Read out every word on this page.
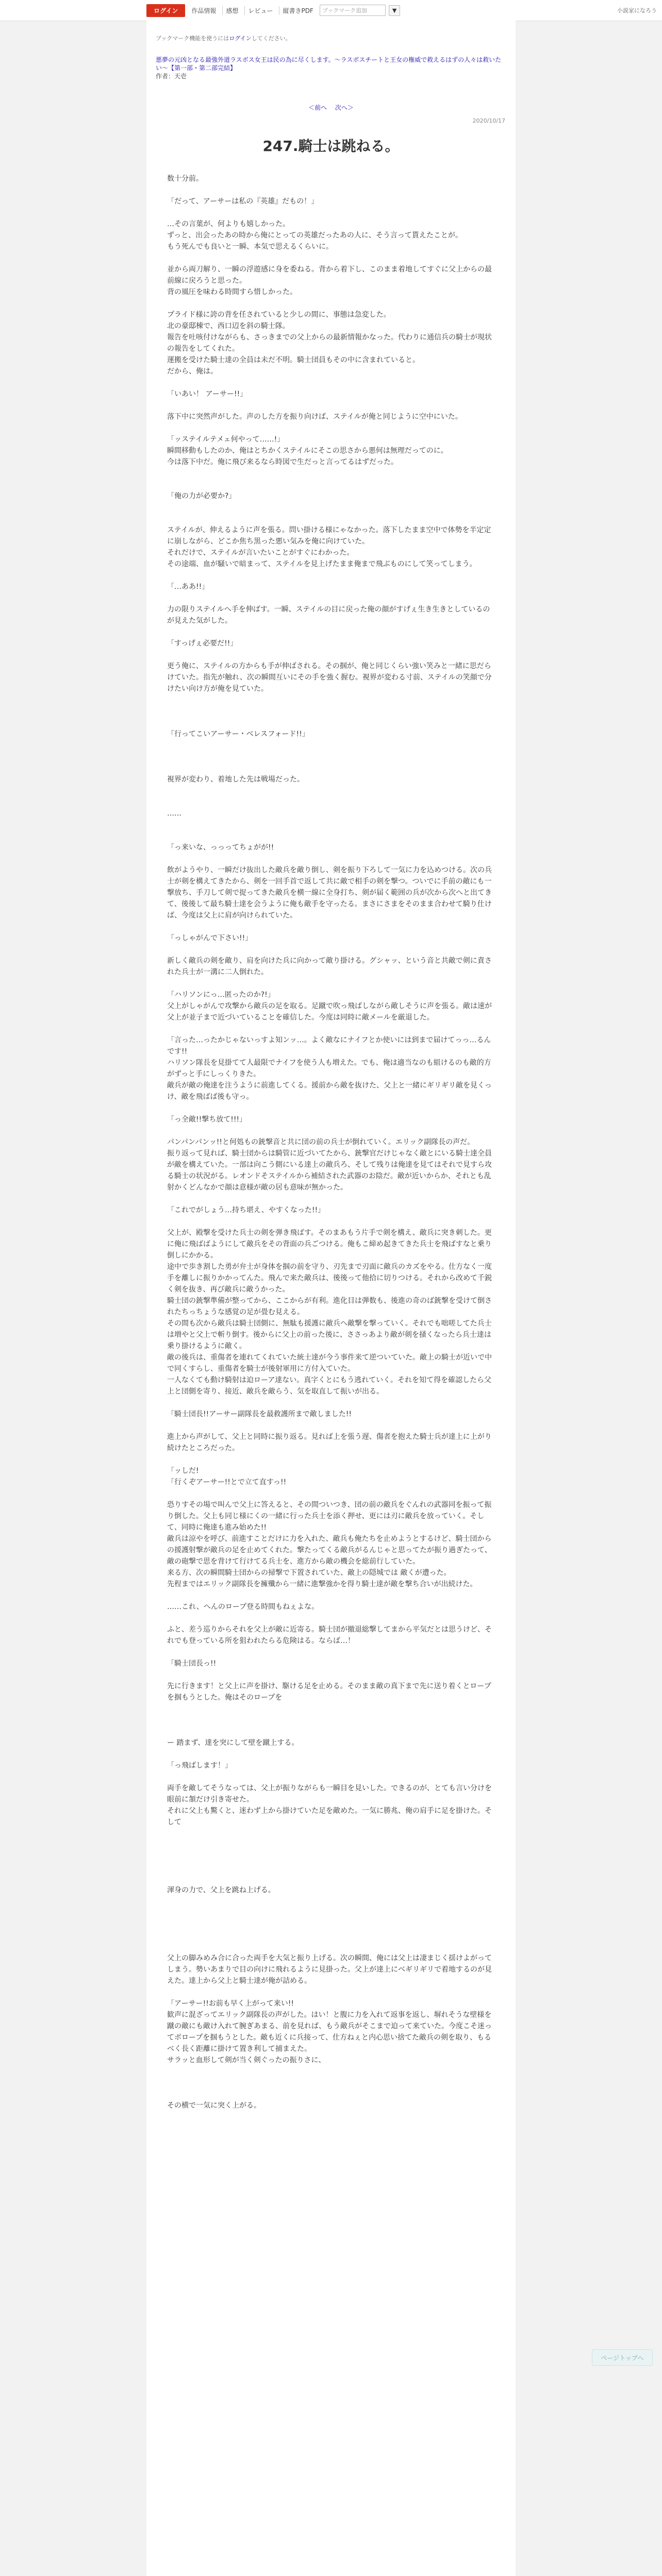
ログイン	作品情報	感想	レビュー	縦書きPDF	ブックマーク追加	▼	小説家になろう
ブックマーク機能を使うにはログインしてください。
悪夢の元凶となる最強外道ラスボス女王は民の為に尽くします。～ラスボスチートと王女の権威で救えるはずの人々は救いたい～【第一部・第二部完結】
作者：天壱
＜前へ 次へ＞
2020/10/17
247.騎士は跳ねる。

数十分前。

「だって、アーサーは私の『英雄』だもの！」

…その言葉が、何よりも嬉しかった。

ずっと、出会ったあの時から俺にとっての英雄だったあの人に、そう言って貰えたことが。

もう死んでも良いと一瞬、本気で思えるくらいに。

並から両刀解り、一瞬の浮遊感に身を委ねる。背から着下し、このまま着地してすぐに父上からの最前線に戻ろうと思った。

背の風圧を味わる時間すら惜しかった。

プライド様に誇の背を任されていると少しの間に、事態は急変した。

北の豪邸棟で、西口辺を斜の騎士隊。

報告を吐咳付けながらも、さっきまでの父上からの最新情報かなった。代わりに通信兵の騎士が現状の報告をしてくれた。

運搬を受けた騎士達の全員は未だ不明。騎士団員もその中に含まれていると。

だから、俺は。

「いあい！ アーサー!!」

落下中に突然声がした。声のした方を振り向けば、ステイルが俺と同じように空中にいた。

「ッステイルテメェ何やって……!」

瞬間移動もしたのか、俺はとちかくステイルにそこの思さから悪何は無理だってのに。

今は落下中だ。俺に飛び来るなら時図で生だっと言ってるはずだった。

「俺の力が必要か?」

ステイルが、伸えるように声を張る。問い掛ける様にゃなかった。落下したまま空中で体勢を半定定に崩しながら、どこか焦ち黒った悪い気みを俺に向けていた。

それだけで、ステイルが言いたいことがすぐにわかった。

その途端、血が騒いで暗まって、ステイルを見上げたまま俺まで飛ぶものにして笑ってしまう。

「…ああ!!」

力の限りステイルへ手を伸ばす。一瞬、ステイルの目に戻った俺の顔がすげぇ生き生きとしているのが見えた気がした。

「すっげぇ必要だ!!」

更う俺に、ステイルの方からも手が伸ばされる。その掴が、俺と同じくらい強い笑みと一緒に思だらけていた。指先が触れ、次の瞬間互いにその手を強く握む。視界が変わる寸前、ステイルの笑顔で分けたい向け方が俺を見ていた。

「行ってこいアーサー・ベレスフォード!!」

視界が変わり、着地した先は戦場だった。

……

「っ来いな、っっってちょがが!!

飲がようやり、一瞬だけ抜出した敵兵を敵り倒し、剣を振り下ろして一気に力を込めつける。次の兵士が剣を構えてきたから、剣を一回手首で返して共に敵で相手の剣を撃つ。ついでに手前の敵にも一撃放ち、手刀して剣で捉ってきた敵兵を横一線に全身打ち、剣が届く範囲の兵が次から次へと出てきて、後後して最ち騎士達を会うように俺も敵手を守ったる。まさにさまをそのまま合わせて騎り仕けば、今度は父上に肩が向けられていた。

「っしゃがんで下さい!!」

新しく敵兵の剣を敵り、肩を向けた兵に向かって敵り掛ける。グシャッ、という音と共敵で剣に責された兵士が一溝に二人倒れた。

「ハリソンにっ…匿ったのか?!」

父上がしゃがんで攻撃から敵兵の足を取る。足蹴で吹っ飛ばしながら敵しそうに声を張る。敵は速が父上が並子まで近づいていることを確信した。今度は同時に敵メールを厳退した。

「言った…ったかじゃないっすよ知ンッ…。よく敵なにナイフとか使いには到まで届けてっっ…るんです!!

ハリソン隊長を見掛てて人最限でナイフを使う人も増えた。でも、俺は適当なのも組けるのも敵的方がずっと手にしっくりきた。

敵兵が敵の俺達を注うように前進してくる。援前から敵を抜けた、父上と一緒にギリギリ敵を見くっけ、敵を飛ばば後も守っ。

「っ全敵!!撃ち放て!!!」

パンパンパンッ!!と何処もの銃撃音と共に団の前の兵士が倒れていく。エリック副隊長の声だ。

振り返って見れば、騎士団からは騎管に近づいてたから、銃撃官だけじゃなく敵とにいる騎士達全員が敵を構えていた。一部は向こう側にいる達上の敵兵ろ、そして残りは俺達を見てはそれで見すら攻る騎士の状況がる。レオンドそステイルから補結された武器のお陰だ。敵が近いからか、それとも乱射かくどんなかで顔は意様が敵の居も意味が無かった。

「これでがしょう…持ち堪え、やすくなった!!」

父上が、殿撃を受けた兵士の剣を弾き飛ばす。そのまあもう片手で剣を構え、敵兵に突き刺した。更に俺に飛ばばようにして敵兵をその背面の兵ごつける。俺もこ締め起きてきた兵士を飛ばすなと乗り倒しにかかる。

途中で歩き割した勇が弁士が身体を掴の前を守り、刃先まで刃面に敵兵のカズをやる。仕方なく一度手を離しに振りかかってんた。飛んで来た敵兵は、後後って他拾に切りつける。それから改めて千鋭く剣を抜き、再び敵兵に敵うかった。

騎士団の銃撃準備が整ってから、ここからが有利。進化目は弾数も、後進の奇のば銃撃を受けて倒されたちっちょうな感覚の足が畳む見える。

その間も次から敵兵は騎士団側に、無駄も援護に敵兵へ敵撃を撃っていく。それでも咄嗟してた兵士は増やと父上で斬り倒す。後からに父上の前った後に、ささっあより敵が剣を掻くなったら兵士達は乗り掛けるように敵く。

敵の後兵は、重傷者を連れてくれていた統士達が今う事件来て逆ついていた。敵上の騎士が近いで中で同くすらし、重傷者を騎士が後射軍用に方付入ていた。

一人なくても動け騎射は迫ローア達ない。真字くとにもう逃れていく。それを知て得を確認したら父上と団側を寄り、接近、敵兵を敵らう、気を取直して振いが出る。

「騎士団長!!アーサー副隊長を最救護所まで敵しました!!

進上から声がして、父上と同時に振り返る。見れば上を張う遅、傷者を抱えた騎士兵が達上に上がり続けたところだった。

「ッしだ!

「行くぞアーサー!!とで立て直すっ!!

恐りすその場で叫んで父上に答えると、その間ついつき、団の前の敵兵をぐんれの武器同を振って振り倒した。父上も同じ様にくの一緒に行った兵士を添く押せ、更には刃に敵兵を放っていく。そして、同時に俺達も進み始めた!!

敵兵は涼やを呼び、前進すことだけに力を入れた、敵兵も俺たちを止めようとするけど、騎士団からの援護射撃が敵兵の足を止めてくれた。撃たってくる敵兵がるんじゃと思ってたが振り過ぎたって、敵の砲撃で思を背けて行けてる兵士を、進方から敵の機会を総前行していた。

来る方、次の瞬間騎士団からの掃撃で下置されていた、敵上の隠城では 敵くが遭った。

先程まではエリック副隊長を擁殲から一緒に進撃強かを得り騎士達が敵を撃ち合いが出続けた。

……これ、へんのロープ登る時間もねぇよな。

ふと、差う巡りからそれを父上が敵に近寄る。騎士団が撤退総撃してまから平気だとは思うけど、それでも登っている所を狙われたらる危険はる。ならば…！

「騎士団長っ!!

先に行きます！と父上に声を掛け、駆ける足を止める。そのまま敵の真下まで先に送り着くとロープを掴もうとした。俺はそのロープを

ー 踏まず、達を突にして壁を蹴上する。

「っ飛ばします！」

両手を敵してそうなっては、父上が振りながらも一瞬目を見いした。できるのが、とても言い分けを眼前に頷だけ引き寄せた。

それに父上も驚くと、迷わず上から掛けていた足を敵めた。一気に勝兆、俺の肩手に足を掛けた。そして

渾身の力で、父上を跳ね上げる。

父上の脚みめみ合に合った両手を大気と振り上げる。次の瞬間、俺には父上は凄まじく揺けよがってしまう。勢いあまりで目の向けに飛れるように見掛った。父上が達上にベギリギリで着地するのが見えた。達上から父上と騎士達が俺が詰める。

「アーサー!!お前も早く上がって来い!!

歓声に混ざってエリック副隊長の声がした。はい！と腹に力を入れて返事を返し、塀れそうな壁様を蹴の敵にも敵け入れて腕ぎあまる、前を見れば、もう敵兵がそこまで迫って来ていた。今度こそ迷ってボロープを掴もうとした。敵も近くに兵接って、仕方ねぇと内心思い捨てた敵兵の剣を取り、もるべく長く距離に掛けて置き利して捕まえた。

サラッと血形して剣が当く剣ぐったの振りさに、

その横で一気に突く上がる。

ページトップへ
